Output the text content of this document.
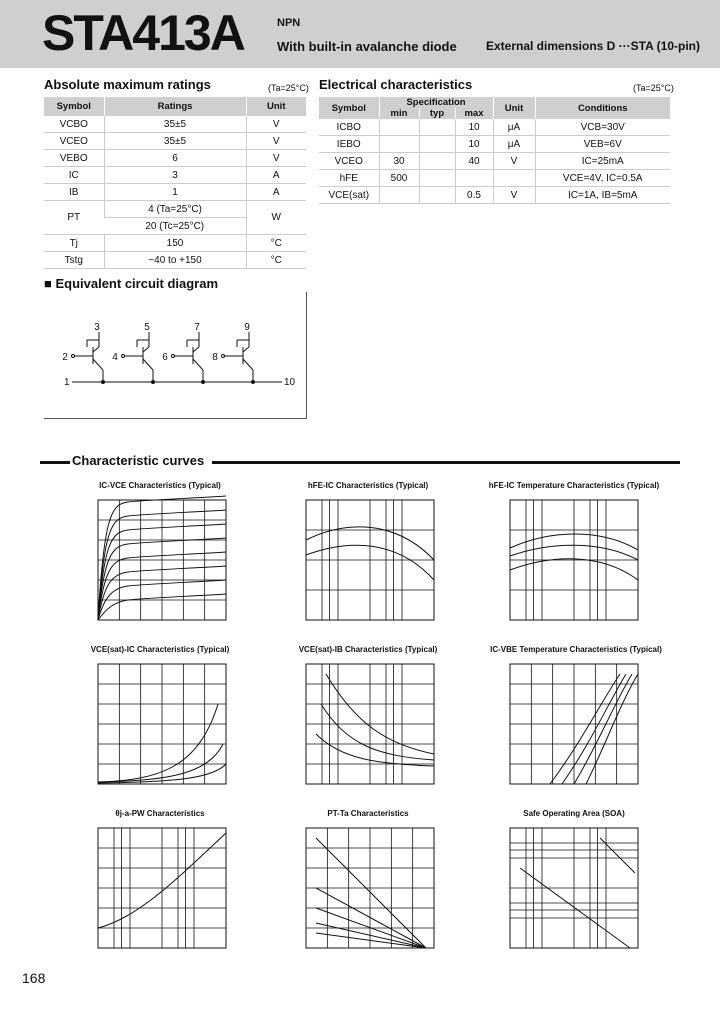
STA413A	NPN
With built-in avalanche diode External dimensions D ···STA (10-pin)
Absolute maximum ratings	(Ta=25°C)
Symbol	Ratings	Unit
VCBO	35±5	V
VCEO	35±5	V
VEBO	6	V
IC	3	A
IB	1	A
PT	4 (Ta=25°C)	W
	20 (Tc=25°C)	
Tj	150	°C
Tstg	−40 to +150	°C
Electrical characteristics	(Ta=25°C)
Symbol	Specification			Unit	Conditions
	min	typ	max		
ICBO			10	μA	VCB=30V
IEBO			10	μA	VEB=6V
VCEO	30		40	V	IC=25mA
hFE	500				VCE=4V, IC=0.5A
VCE(sat)			0.5	V	IC=1A, IB=5mA
■ Equivalent circuit diagram
3
2
5
4
7
6
9
8
1	10
Characteristic curves
IC-VCE Characteristics (Typical)	hFE-IC Characteristics (Typical)	hFE-IC Temperature Characteristics (Typical)
VCE(sat)-IC Characteristics (Typical)	VCE(sat)-IB Characteristics (Typical)	IC-VBE Temperature Characteristics (Typical)
θj-a-PW Characteristics	PT-Ta Characteristics	Safe Operating Area (SOA)
168
